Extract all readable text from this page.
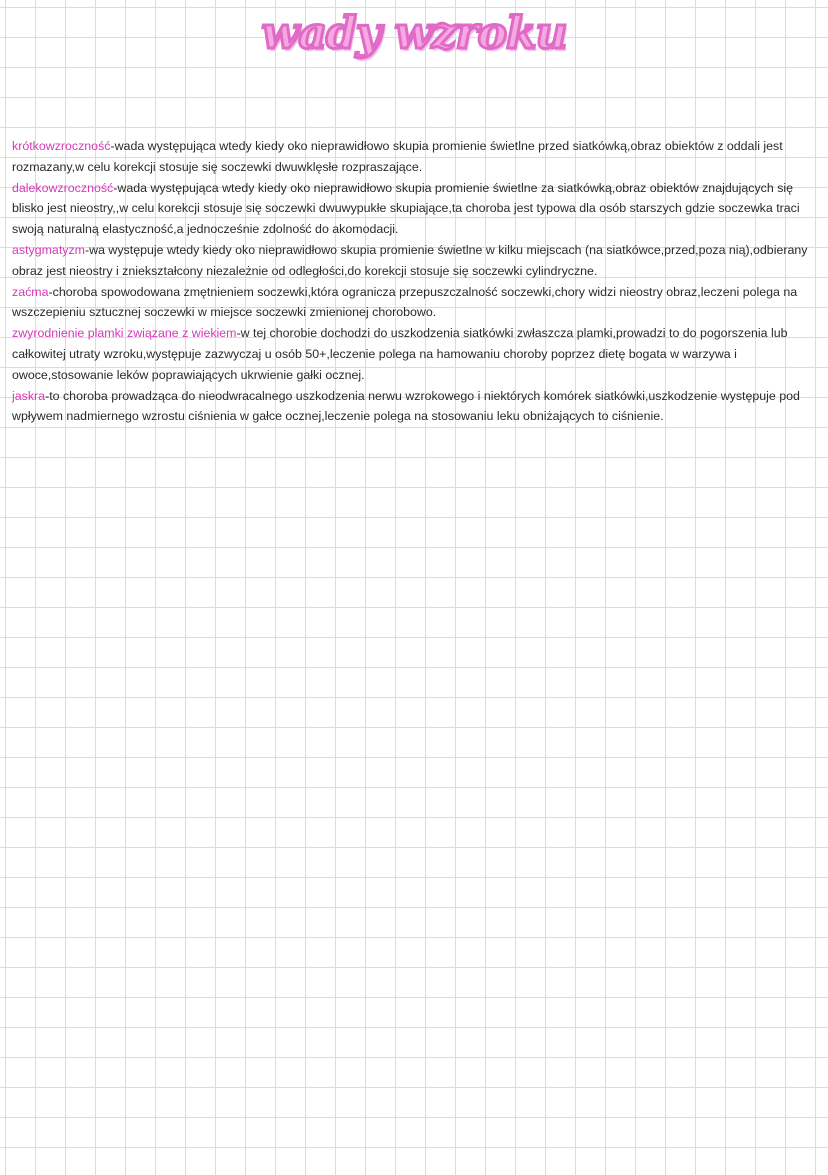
wady wzroku

krótkowzroczność-wada występująca wtedy kiedy oko nieprawidłowo skupia promienie świetlne przed siatkówką,obraz obiektów z oddali jest rozmazany,w celu korekcji stosuje się soczewki dwuwklęsłe rozpraszające.

dalekowzroczność-wada występująca wtedy kiedy oko nieprawidłowo skupia promienie świetlne za siatkówką,obraz obiektów znajdujących się blisko jest nieostry,,w celu korekcji stosuje się soczewki dwuwypukłe skupiające,ta choroba jest typowa dla osób starszych gdzie soczewka traci swoją naturalną elastyczność,a jednocześnie zdolność do akomodacji.

astygmatyzm-wa występuje wtedy kiedy oko nieprawidłowo skupia promienie świetlne w kilku miejscach (na siatkówce,przed,poza nią),odbierany obraz jest nieostry i zniekształcony niezależnie od odległości,do korekcji stosuje się soczewki cylindryczne.

zaćma-choroba spowodowana zmętnieniem soczewki,która ogranicza przepuszczalność soczewki,chory widzi nieostry obraz,leczeni polega na wszczepieniu sztucznej soczewki w miejsce soczewki zmienionej chorobowo.

zwyrodnienie plamki związane z wiekiem-w tej chorobie dochodzi do uszkodzenia siatkówki zwłaszcza plamki,prowadzi to do pogorszenia lub całkowitej utraty wzroku,występuje zazwyczaj u osób 50+,leczenie polega na hamowaniu choroby poprzez dietę bogata w warzywa i owoce,stosowanie leków poprawiających ukrwienie gałki ocznej.

jaskra-to choroba prowadząca do nieodwracalnego uszkodzenia nerwu wzrokowego i niektórych komórek siatkówki,uszkodzenie występuje pod wpływem nadmiernego wzrostu ciśnienia w gałce ocznej,leczenie polega na stosowaniu leku obniżających to ciśnienie.
